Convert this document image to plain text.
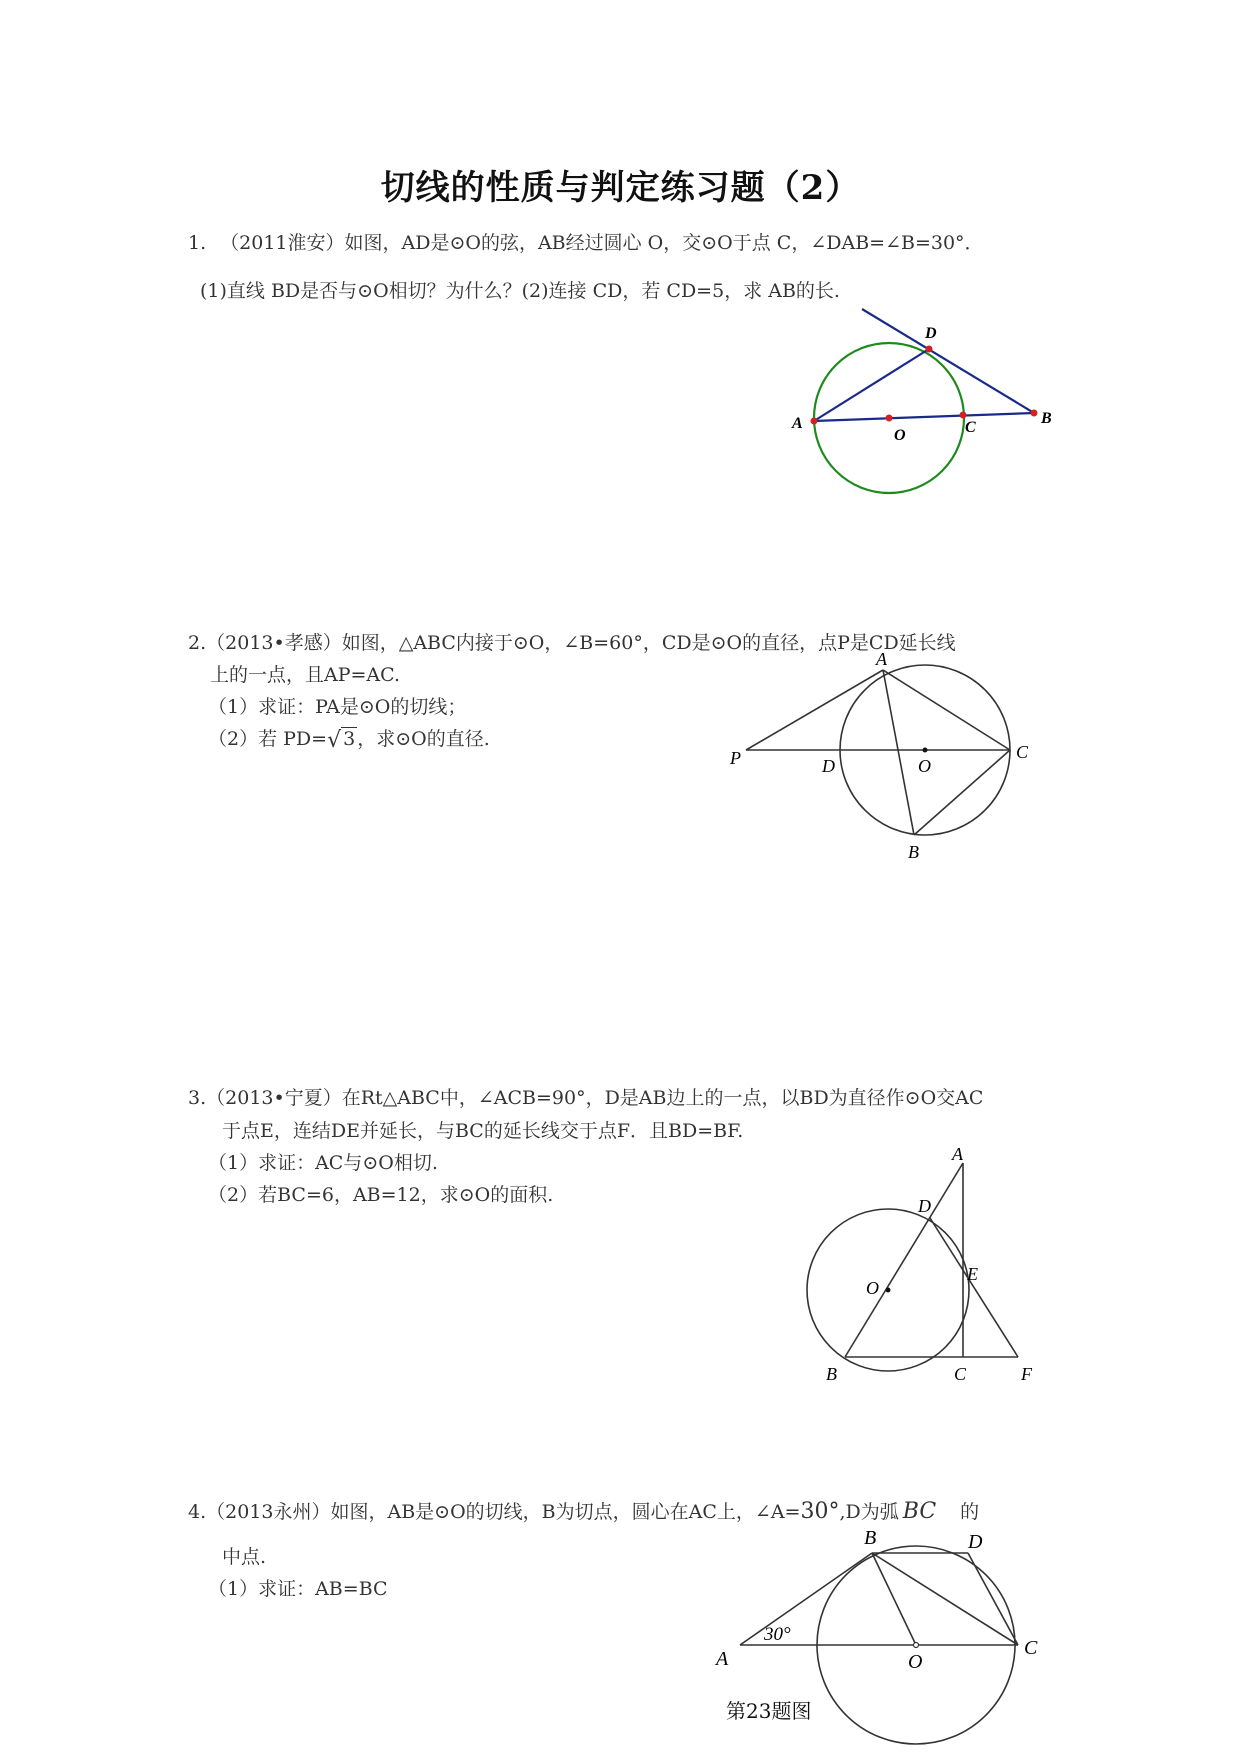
切线的性质与判定练习题（2）
1. （2011淮安）如图，AD是⊙O的弦，AB经过圆心 O，交⊙O于点 C，∠DAB=∠B=30°．
(1)直线 BD是否与⊙O相切？为什么？(2)连接 CD，若 CD=5，求 AB的长.
D
A
O	C
B
2.（2013•孝感）如图，△ABC内接于⊙O，∠B=60°，CD是⊙O的直径，点P是CD延长线
上的一点，且AP=AC.
（1）求证：PA是⊙O的切线；
（2）若 PD=√ 3 ，求⊙O的直径.
A
P	D	O
C
B
3.（2013•宁夏）在Rt△ABC中，∠ACB=90°，D是AB边上的一点，以BD为直径作⊙O交AC
于点E，连结DE并延长，与BC的延长线交于点F．且BD=BF.
（1）求证：AC与⊙O相切.
（2）若BC=6，AB=12，求⊙O的面积.
A
D
E
O
B	C	F
4.（2013永州）如图，AB是⊙O的切线，B为切点，圆心在AC上，∠A=30°,D为弧 BC 的
中点.
（1）求证：AB=BC
B	D
30°
A	O
C
第23题图
